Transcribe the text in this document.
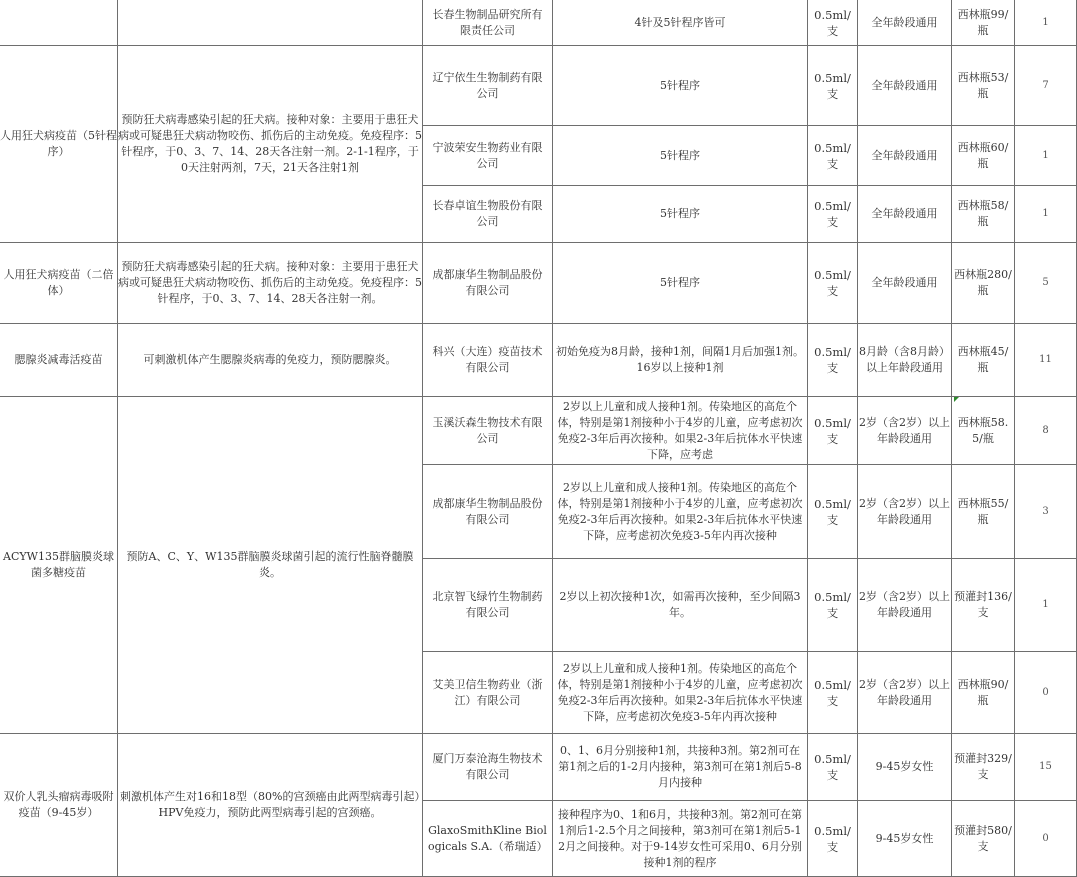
长春生物制品研究所有限责任公司
4针及5针程序皆可
0.5ml/支
全年龄段通用
西林瓶99/瓶
1
人用狂犬病疫苗（5针程序）
预防狂犬病毒感染引起的狂犬病。接种对象：主要用于患狂犬病或可疑患狂犬病动物咬伤、抓伤后的主动免疫。免疫程序：5针程序，于0、3、7、14、28天各注射一剂。2-1-1程序，于0天注射两剂，7天，21天各注射1剂
辽宁依生生物制药有限公司
5针程序
0.5ml/支
全年龄段通用
西林瓶53/瓶
7
宁波荣安生物药业有限公司
5针程序
0.5ml/支
全年龄段通用
西林瓶60/瓶
1
长春卓谊生物股份有限公司
5针程序
0.5ml/支
全年龄段通用
西林瓶58/瓶
1
人用狂犬病疫苗（二倍体）
预防狂犬病毒感染引起的狂犬病。接种对象：主要用于患狂犬病或可疑患狂犬病动物咬伤、抓伤后的主动免疫。免疫程序：5针程序，于0、3、7、14、28天各注射一剂。
成都康华生物制品股份有限公司
5针程序
0.5ml/支
全年龄段通用
西林瓶280/瓶
5
腮腺炎减毒活疫苗	可刺激机体产生腮腺炎病毒的免疫力，预防腮腺炎。
科兴（大连）疫苗技术有限公司
初始免疫为8月龄，接种1剂，间隔1月后加强1剂。16岁以上接种1剂
0.5ml/支
8月龄（含8月龄）以上年龄段通用
西林瓶45/瓶
11
ACYW135群脑膜炎球菌多糖疫苗
预防A、C、Y、W135群脑膜炎球菌引起的流行性脑脊髓膜炎。
玉溪沃森生物技术有限公司
2岁以上儿童和成人接种1剂。传染地区的高危个体，特别是第1剂接种小于4岁的儿童，应考虑初次免疫2-3年后再次接种。如果2-3年后抗体水平快速下降，应考虑
0.5ml/支
2岁（含2岁）以上年龄段通用
西林瓶58.5/瓶
8
成都康华生物制品股份有限公司
2岁以上儿童和成人接种1剂。传染地区的高危个体，特别是第1剂接种小于4岁的儿童，应考虑初次免疫2-3年后再次接种。如果2-3年后抗体水平快速下降，应考虑初次免疫3-5年内再次接种
0.5ml/支
2岁（含2岁）以上年龄段通用
西林瓶55/瓶
3
北京智飞绿竹生物制药有限公司
2岁以上初次接种1次，如需再次接种，至少间隔3年。
0.5ml/支
2岁（含2岁）以上年龄段通用
预灌封136/支
1
艾美卫信生物药业（浙江）有限公司
2岁以上儿童和成人接种1剂。传染地区的高危个体，特别是第1剂接种小于4岁的儿童，应考虑初次免疫2-3年后再次接种。如果2-3年后抗体水平快速下降，应考虑初次免疫3-5年内再次接种
0.5ml/支
2岁（含2岁）以上年龄段通用
西林瓶90/瓶
0
双价人乳头瘤病毒吸附疫苗（9-45岁）
刺激机体产生对16和18型（80%的宫颈癌由此两型病毒引起）HPV免疫力，预防此两型病毒引起的宫颈癌。
厦门万泰沧海生物技术有限公司
0、1、6月分别接种1剂，共接种3剂。第2剂可在第1剂之后的1-2月内接种，第3剂可在第1剂后5-8月内接种
0.5ml/支
9-45岁女性
预灌封329/支
15
GlaxoSmithKline Biologicals S.A.（希瑞适）
接种程序为0、1和6月，共接种3剂。第2剂可在第1剂后1-2.5个月之间接种，第3剂可在第1剂后5-12月之间接种。对于9-14岁女性可采用0、6月分别接种1剂的程序
0.5ml/支
9-45岁女性
预灌封580/支
0
